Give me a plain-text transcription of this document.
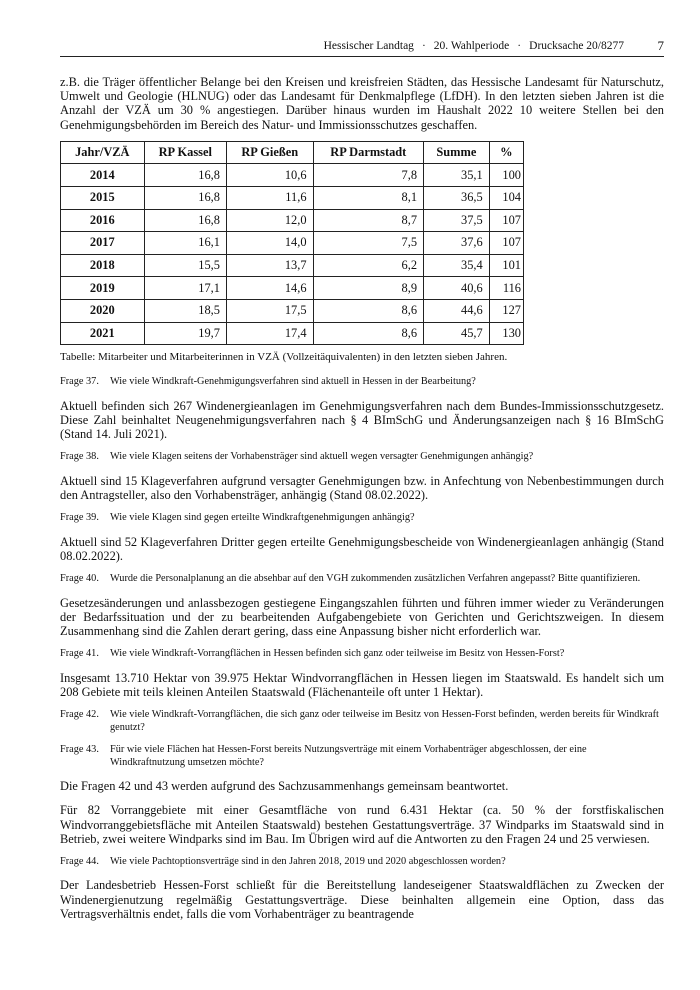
Hessischer Landtag · 20. Wahlperiode · Drucksache 20/8277	7

z.B. die Träger öffentlicher Belange bei den Kreisen und kreisfreien Städten, das Hessische Landesamt für Naturschutz, Umwelt und Geologie (HLNUG) oder das Landesamt für Denkmalpflege (LfDH). In den letzten sieben Jahren ist die Anzahl der VZÄ um 30 % angestiegen. Darüber hinaus wurden im Haushalt 2022 10 weitere Stellen bei den Genehmigungsbehörden im Bereich des Natur- und Immissionsschutzes geschaffen.

Jahr/VZÄ	RP Kassel	RP Gießen	RP Darmstadt	Summe	%
2014	16,8	10,6	7,8	35,1	100
2015	16,8	11,6	8,1	36,5	104
2016	16,8	12,0	8,7	37,5	107
2017	16,1	14,0	7,5	37,6	107
2018	15,5	13,7	6,2	35,4	101
2019	17,1	14,6	8,9	40,6	116
2020	18,5	17,5	8,6	44,6	127
2021	19,7	17,4	8,6	45,7	130
Tabelle: Mitarbeiter und Mitarbeiterinnen in VZÄ (Vollzeitäquivalenten) in den letzten sieben Jahren.
Frage 37.	Wie viele Windkraft-Genehmigungsverfahren sind aktuell in Hessen in der Bearbeitung?

Aktuell befinden sich 267 Windenergieanlagen im Genehmigungsverfahren nach dem Bundes-Immissionsschutzgesetz. Diese Zahl beinhaltet Neugenehmigungsverfahren nach § 4 BImSchG und Änderungsanzeigen nach § 16 BImSchG (Stand 14. Juli 2021).

Frage 38.	Wie viele Klagen seitens der Vorhabensträger sind aktuell wegen versagter Genehmigungen anhängig?

Aktuell sind 15 Klageverfahren aufgrund versagter Genehmigungen bzw. in Anfechtung von Nebenbestimmungen durch den Antragsteller, also den Vorhabensträger, anhängig (Stand 08.02.2022).

Frage 39.	Wie viele Klagen sind gegen erteilte Windkraftgenehmigungen anhängig?

Aktuell sind 52 Klageverfahren Dritter gegen erteilte Genehmigungsbescheide von Windenergieanlagen anhängig (Stand 08.02.2022).

Frage 40.	Wurde die Personalplanung an die absehbar auf den VGH zukommenden zusätzlichen Verfahren angepasst? Bitte quantifizieren.

Gesetzesänderungen und anlassbezogen gestiegene Eingangszahlen führten und führen immer wieder zu Veränderungen der Bedarfssituation und der zu bearbeitenden Aufgabengebiete von Gerichten und Gerichtszweigen. In diesem Zusammenhang sind die Zahlen derart gering, dass eine Anpassung bisher nicht erforderlich war.

Frage 41.	Wie viele Windkraft-Vorrangflächen in Hessen befinden sich ganz oder teilweise im Besitz von Hessen-Forst?

Insgesamt 13.710 Hektar von 39.975 Hektar Windvorrangflächen in Hessen liegen im Staatswald. Es handelt sich um 208 Gebiete mit teils kleinen Anteilen Staatswald (Flächenanteile oft unter 1 Hektar).

Frage 42.	Wie viele Windkraft-Vorrangflächen, die sich ganz oder teilweise im Besitz von Hessen-Forst befinden, werden bereits für Windkraft genutzt?
Frage 43.	Für wie viele Flächen hat Hessen-Forst bereits Nutzungsverträge mit einem Vorhabenträger abgeschlossen, der eine Windkraftnutzung umsetzen möchte?

Die Fragen 42 und 43 werden aufgrund des Sachzusammenhangs gemeinsam beantwortet.

Für 82 Vorranggebiete mit einer Gesamtfläche von rund 6.431 Hektar (ca. 50 % der forstfiskalischen Windvorranggebietsfläche mit Anteilen Staatswald) bestehen Gestattungsverträge. 37 Windparks im Staatswald sind in Betrieb, zwei weitere Windparks sind im Bau. Im Übrigen wird auf die Antworten zu den Fragen 24 und 25 verwiesen.

Frage 44.	Wie viele Pachtoptionsverträge sind in den Jahren 2018, 2019 und 2020 abgeschlossen worden?

Der Landesbetrieb Hessen-Forst schließt für die Bereitstellung landeseigener Staatswaldflächen zu Zwecken der Windenergienutzung regelmäßig Gestattungsverträge. Diese beinhalten allgemein eine Option, dass das Vertragsverhältnis endet, falls die vom Vorhabenträger zu beantragende
